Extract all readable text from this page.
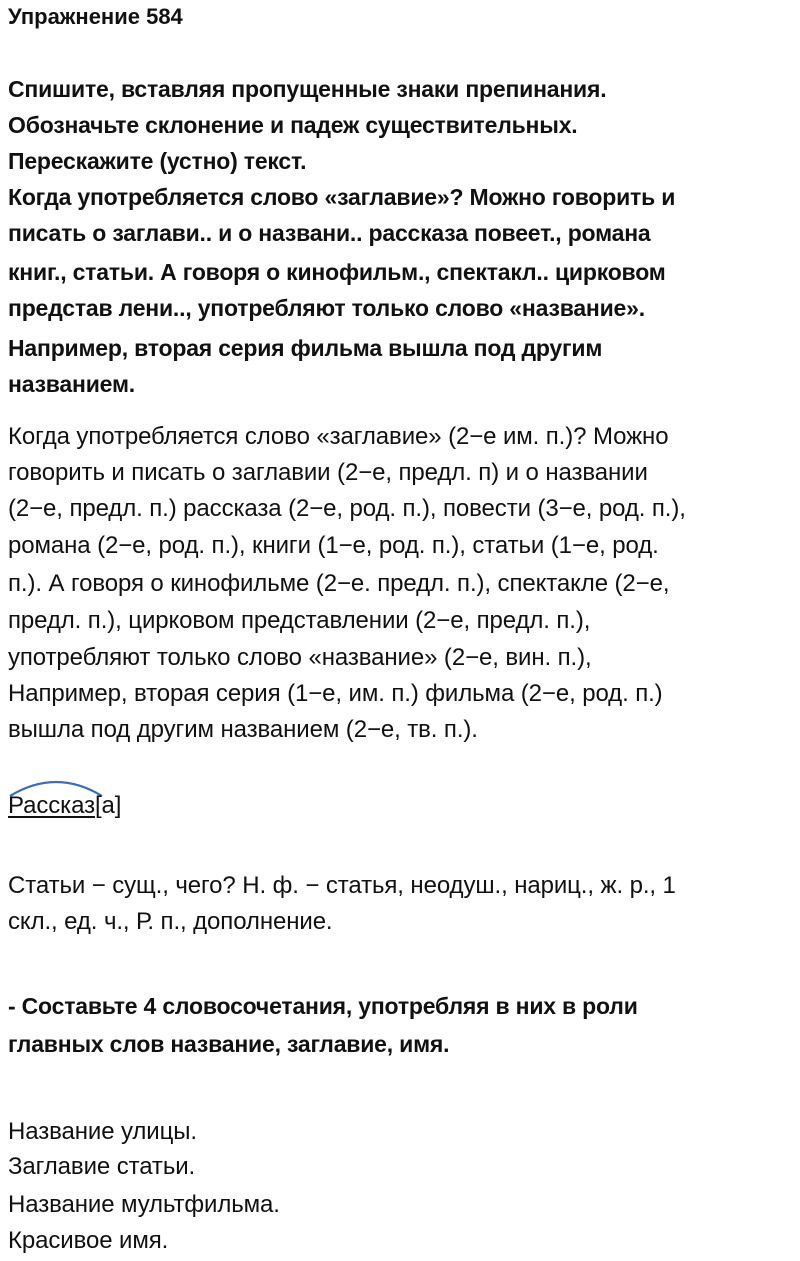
Упражнение 584
Спишите, вставляя пропущенные знаки препинания.
Обозначьте склонение и падеж существительных.
Перескажите (устно) текст.
Когда употребляется слово «заглавие»? Можно говорить и
писать о заглави.. и о названи.. рассказа повеет., романа
книг., статьи. А говоря о кинофильм., спектакл.. цирковом
представ лени.., употребляют только слово «название».
Например, вторая серия фильма вышла под другим
названием.
Когда употребляется слово «заглавие» (2−е им. п.)? Можно
говорить и писать о заглавии (2−е, предл. п) и о названии
(2−е, предл. п.) рассказа (2−е, род. п.), повести (3−е, род. п.),
романа (2−е, род. п.), книги (1−е, род. п.), статьи (1−е, род.
п.). А говоря о кинофильме (2−е. предл. п.), спектакле (2−е,
предл. п.), цирковом представлении (2−е, предл. п.),
употребляют только слово «название» (2−е, вин. п.),
Например, вторая серия (1−е, им. п.) фильма (2−е, род. п.)
вышла под другим названием (2−е, тв. п.).
Рассказ[а]
Статьи − сущ., чего? Н. ф. − статья, неодуш., нариц., ж. р., 1
скл., ед. ч., Р. п., дополнение.
- Составьте 4 словосочетания, употребляя в них в роли
главных слов название, заглавие, имя.
Название улицы.
Заглавие статьи.
Название мультфильма.
Красивое имя.
